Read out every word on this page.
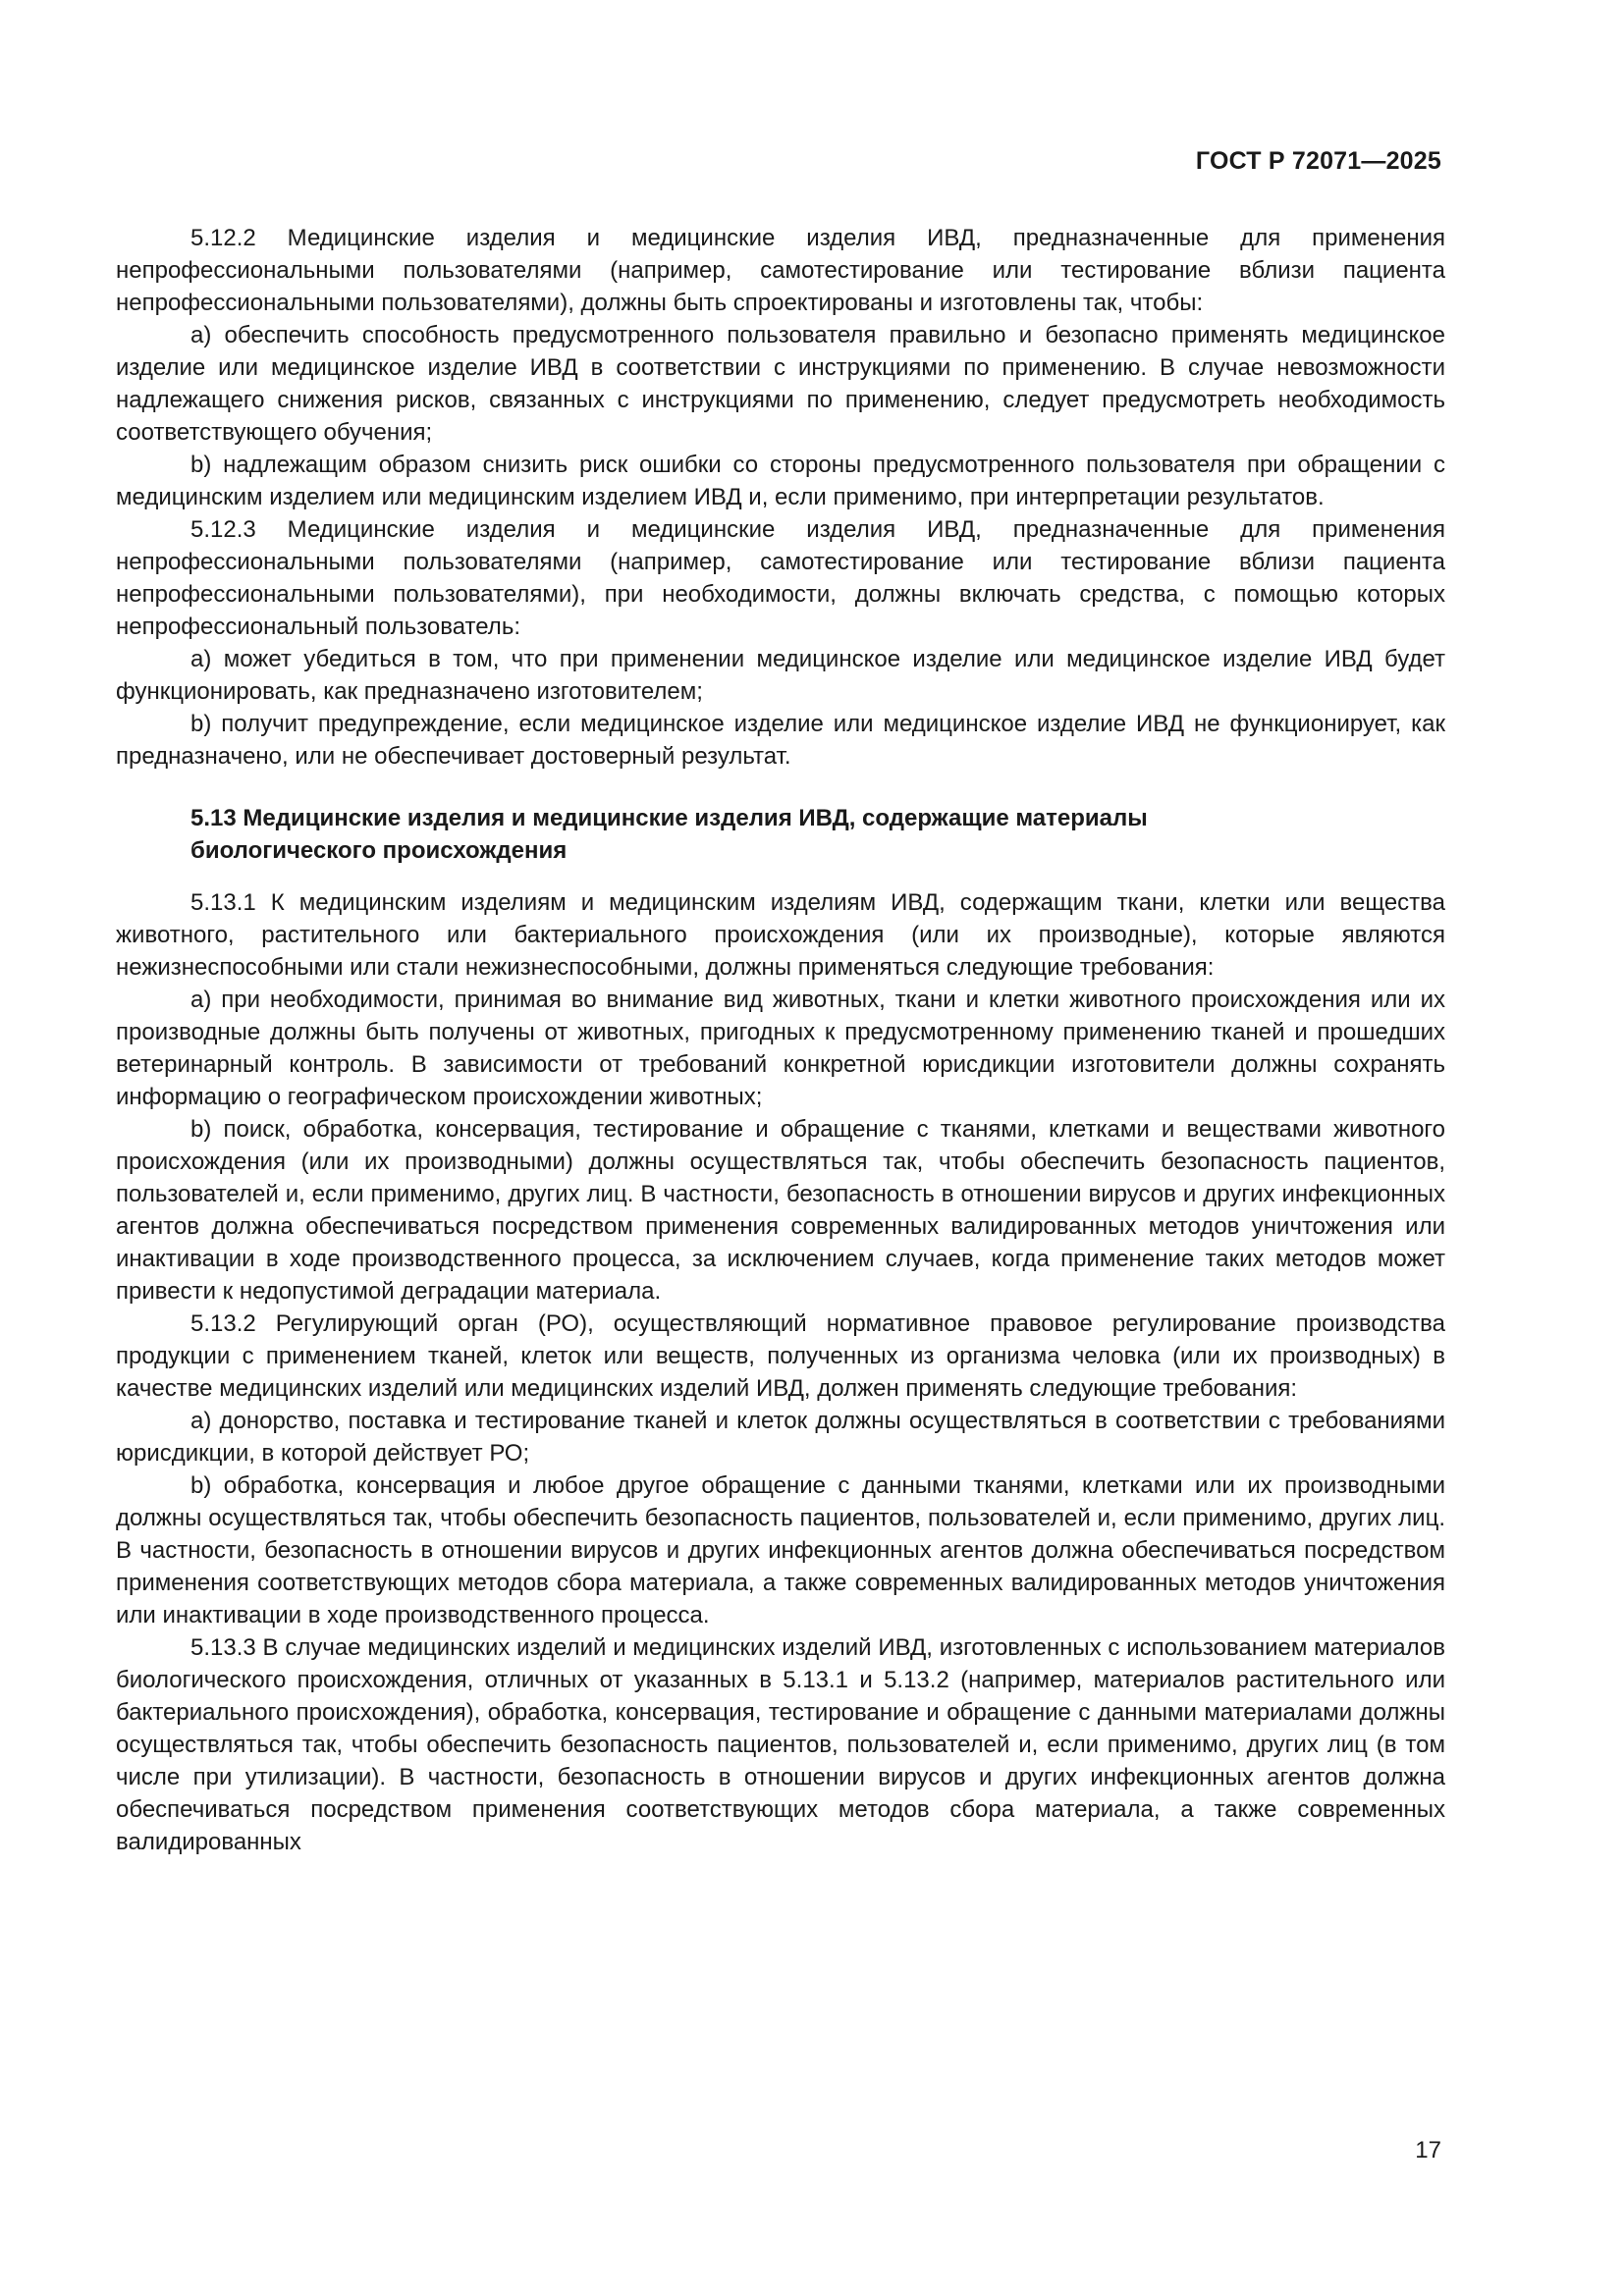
ГОСТ Р 72071—2025

5.12.2 Медицинские изделия и медицинские изделия ИВД, предназначенные для применения непрофессиональными пользователями (например, самотестирование или тестирование вблизи пациента непрофессиональными пользователями), должны быть спроектированы и изготовлены так, чтобы:

а) обеспечить способность предусмотренного пользователя правильно и безопасно применять медицинское изделие или медицинское изделие ИВД в соответствии с инструкциями по применению. В случае невозможности надлежащего снижения рисков, связанных с инструкциями по применению, следует предусмотреть необходимость соответствующего обучения;

b) надлежащим образом снизить риск ошибки со стороны предусмотренного пользователя при обращении с медицинским изделием или медицинским изделием ИВД и, если применимо, при интерпретации результатов.

5.12.3 Медицинские изделия и медицинские изделия ИВД, предназначенные для применения непрофессиональными пользователями (например, самотестирование или тестирование вблизи пациента непрофессиональными пользователями), при необходимости, должны включать средства, с помощью которых непрофессиональный пользователь:

а) может убедиться в том, что при применении медицинское изделие или медицинское изделие ИВД будет функционировать, как предназначено изготовителем;

b) получит предупреждение, если медицинское изделие или медицинское изделие ИВД не функционирует, как предназначено, или не обеспечивает достоверный результат.

5.13 Медицинские изделия и медицинские изделия ИВД, содержащие материалы
биологического происхождения

5.13.1 К медицинским изделиям и медицинским изделиям ИВД, содержащим ткани, клетки или вещества животного, растительного или бактериального происхождения (или их производные), которые являются нежизнеспособными или стали нежизнеспособными, должны применяться следующие требования:

а) при необходимости, принимая во внимание вид животных, ткани и клетки животного происхождения или их производные должны быть получены от животных, пригодных к предусмотренному применению тканей и прошедших ветеринарный контроль. В зависимости от требований конкретной юрисдикции изготовители должны сохранять информацию о географическом происхождении животных;

b) поиск, обработка, консервация, тестирование и обращение с тканями, клетками и веществами животного происхождения (или их производными) должны осуществляться так, чтобы обеспечить безопасность пациентов, пользователей и, если применимо, других лиц. В частности, безопасность в отношении вирусов и других инфекционных агентов должна обеспечиваться посредством применения современных валидированных методов уничтожения или инактивации в ходе производственного процесса, за исключением случаев, когда применение таких методов может привести к недопустимой деградации материала.

5.13.2 Регулирующий орган (РО), осуществляющий нормативное правовое регулирование производства продукции с применением тканей, клеток или веществ, полученных из организма человка (или их производных) в качестве медицинских изделий или медицинских изделий ИВД, должен применять следующие требования:

а) донорство, поставка и тестирование тканей и клеток должны осуществляться в соответствии с требованиями юрисдикции, в которой действует РО;

b) обработка, консервация и любое другое обращение с данными тканями, клетками или их производными должны осуществляться так, чтобы обеспечить безопасность пациентов, пользователей и, если применимо, других лиц. В частности, безопасность в отношении вирусов и других инфекционных агентов должна обеспечиваться посредством применения соответствующих методов сбора материала, а также современных валидированных методов уничтожения или инактивации в ходе производственного процесса.

5.13.3 В случае медицинских изделий и медицинских изделий ИВД, изготовленных с использованием материалов биологического происхождения, отличных от указанных в 5.13.1 и 5.13.2 (например, материалов растительного или бактериального происхождения), обработка, консервация, тестирование и обращение с данными материалами должны осуществляться так, чтобы обеспечить безопасность пациентов, пользователей и, если применимо, других лиц (в том числе при утилизации). В частности, безопасность в отношении вирусов и других инфекционных агентов должна обеспечиваться посредством применения соответствующих методов сбора материала, а также современных валидированных

17
